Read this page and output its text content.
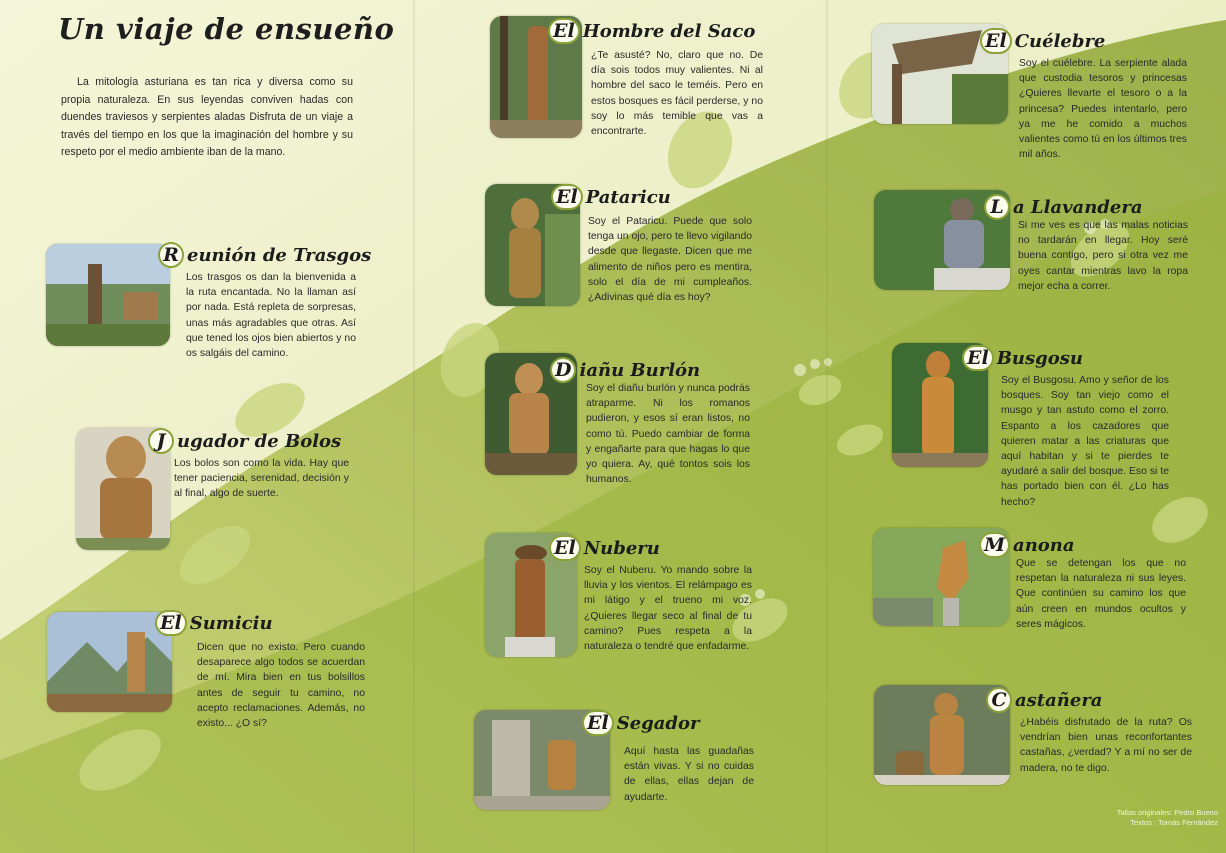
Un viaje de ensueño
La mitología asturiana es tan rica y diversa como su propia naturaleza. En sus leyendas conviven hadas con duendes traviesos y serpientes aladas Disfruta de un viaje a través del tiempo en los que la imaginación del hombre y su respeto por el medio ambiente iban de la mano.
R eunión de Trasgos
Los trasgos os dan la bienvenida a la ruta encantada. No la llaman así por nada. Está repleta de sorpresas, unas más agradables que otras. Así que tened los ojos bien abiertos y no os salgáis del camino.
J ugador de Bolos
Los bolos son como la vida. Hay que tener paciencia, serenidad, decisión y al final, algo de suerte.
El Sumiciu
Dicen que no existo. Pero cuando desaparece algo todos se acuerdan de mí. Mira bien en tus bolsillos antes de seguir tu camino, no acepto reclamaciones. Además, no existo... ¿O sí?
El Hombre del Saco
¿Te asusté? No, claro que no. De día sois todos muy valientes. Ni al hombre del saco le teméis. Pero en estos bosques es fácil perderse, y no soy lo más temible que vas a encontrarte.
El Pataricu
Soy el Pataricu. Puede que solo tenga un ojo, pero te llevo vigilando desde que llegaste. Dicen que me alimento de niños pero es mentira, solo el día de mi cumpleaños. ¿Adivinas qué día es hoy?
D iañu Burlón
Soy el diañu burlón y nunca podrás atraparme. Ni los romanos pudieron, y esos sí eran listos, no como tú. Puedo cambiar de forma y engañarte para que hagas lo que yo quiera. Ay, qué tontos sois los humanos.
El Nuberu
Soy el Nuberu. Yo mando sobre la lluvia y los vientos. El relámpago es mi látigo y el trueno mi voz. ¿Quieres llegar seco al final de tu camino? Pues respeta a la naturaleza o tendré que enfadarme.
El Segador
Aquí hasta las guadañas están vivas. Y si no cuidas de ellas, ellas dejan de ayudarte.
El Cuélebre
Soy el cuélebre. La serpiente alada que custodia tesoros y princesas ¿Quieres llevarte el tesoro o a la princesa? Puedes intentarlo, pero ya me he comido a muchos valientes como tú en los últimos tres mil años.
L a Llavandera
Si me ves es que las malas noticias no tardarán en llegar. Hoy seré buena contigo, pero si otra vez me oyes cantar mientras lavo la ropa mejor echa a correr.
El Busgosu
Soy el Busgosu. Amo y señor de los bosques. Soy tan viejo como el musgo y tan astuto como el zorro. Espanto a los cazadores que quieren matar a las criaturas que aquí habitan y si te pierdes te ayudaré a salir del bosque. Eso si te has portado bien con él. ¿Lo has hecho?
M anona
Que se detengan los que no respetan la naturaleza ni sus leyes. Que continúen su camino los que aún creen en mundos ocultos y seres mágicos.
C astañera
¿Habéis disfrutado de la ruta? Os vendrían bien unas reconfortantes castañas, ¿verdad? Y a mí no ser de madera, no te digo.
Tallas originales: Pedro Bueno
Textos : Tomás Fernández
